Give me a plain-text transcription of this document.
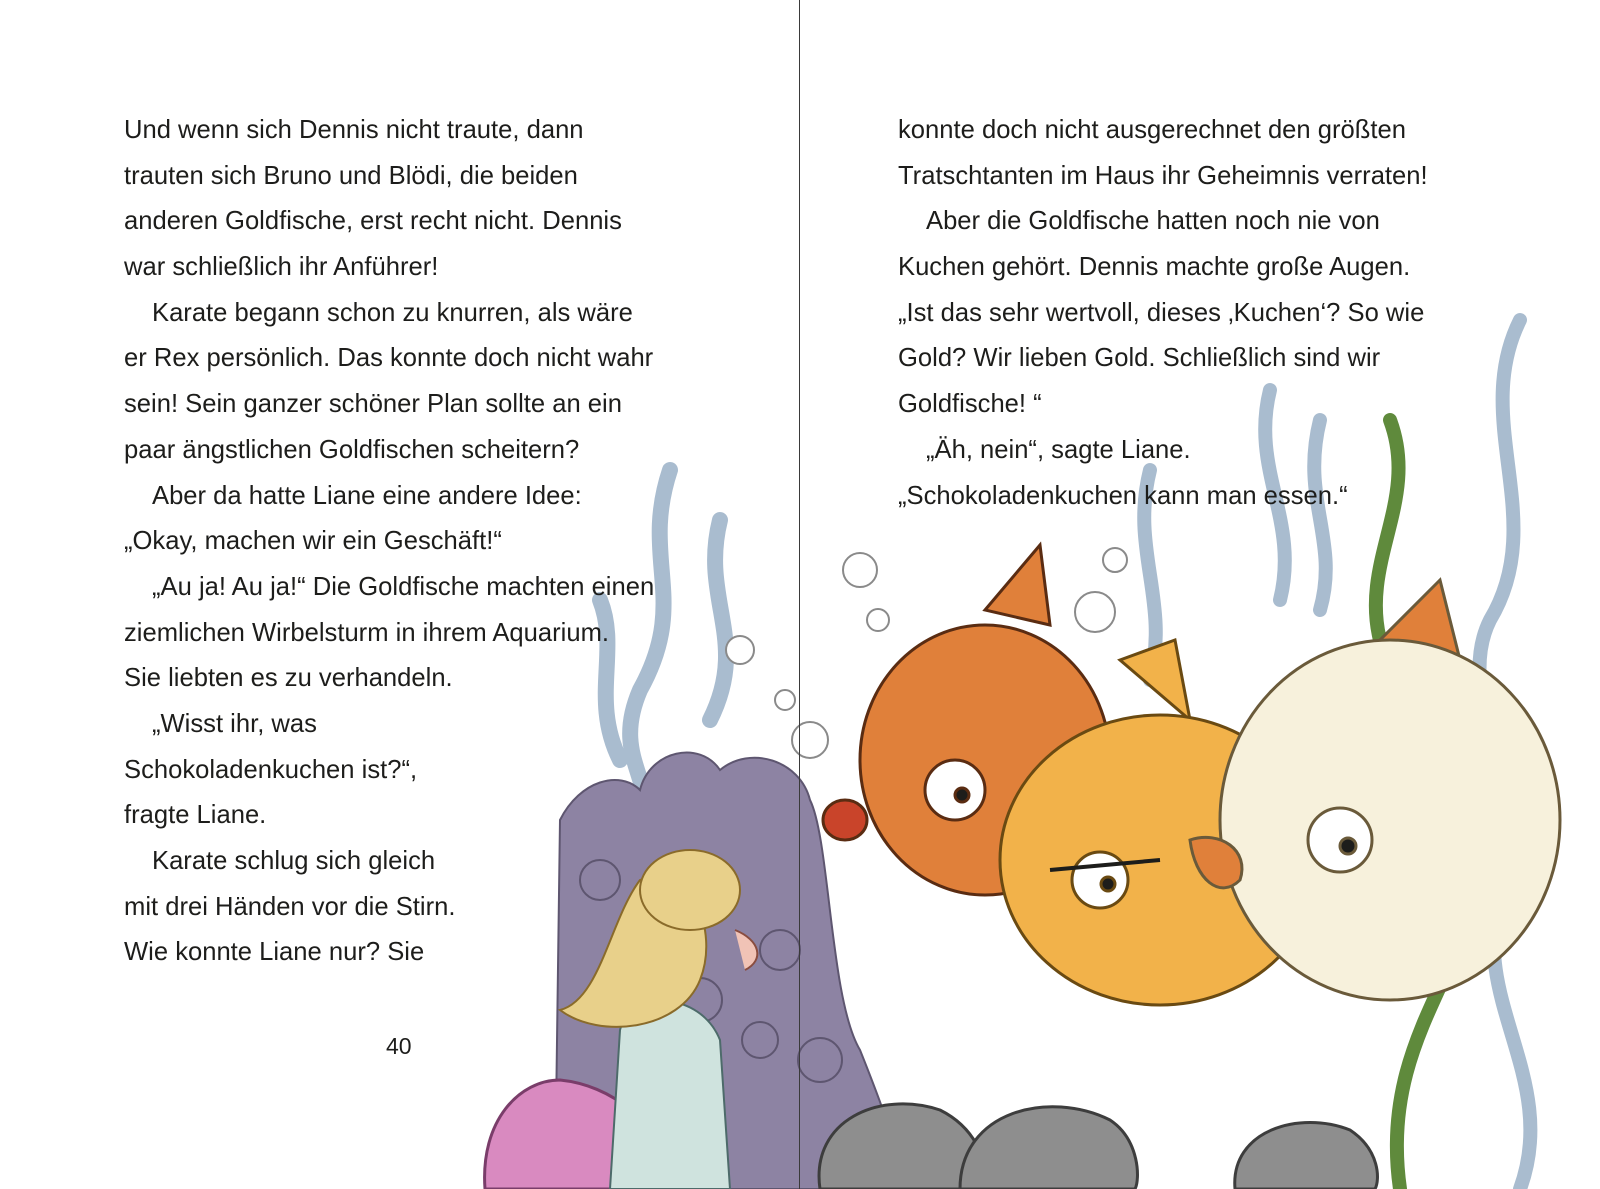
Und wenn sich Dennis nicht traute, dann
trauten sich Bruno und Blödi, die beiden
anderen Goldfische, erst recht nicht. Dennis
war schließlich ihr Anführer!
Karate begann schon zu knurren, als wäre
er Rex persönlich. Das konnte doch nicht wahr
sein! Sein ganzer schöner Plan sollte an ein
paar ängstlichen Goldfischen scheitern?
Aber da hatte Liane eine andere Idee:
„Okay, machen wir ein Geschäft!“
„Au ja! Au ja!“ Die Goldfische machten einen
ziemlichen Wirbelsturm in ihrem Aquarium.
Sie liebten es zu verhandeln.
„Wisst ihr, was
Schokoladenkuchen ist?“,
fragte Liane.
Karate schlug sich gleich
mit drei Händen vor die Stirn.
Wie konnte Liane nur? Sie
40
konnte doch nicht ausgerechnet den größten
Tratschtanten im Haus ihr Geheimnis verraten!
Aber die Goldfische hatten noch nie von
Kuchen gehört. Dennis machte große Augen.
„Ist das sehr wertvoll, dieses ‚Kuchen‘? So wie
Gold? Wir lieben Gold. Schließlich sind wir
Goldfische! “
„Äh, nein“, sagte Liane.
„Schokoladenkuchen kann man essen.“
